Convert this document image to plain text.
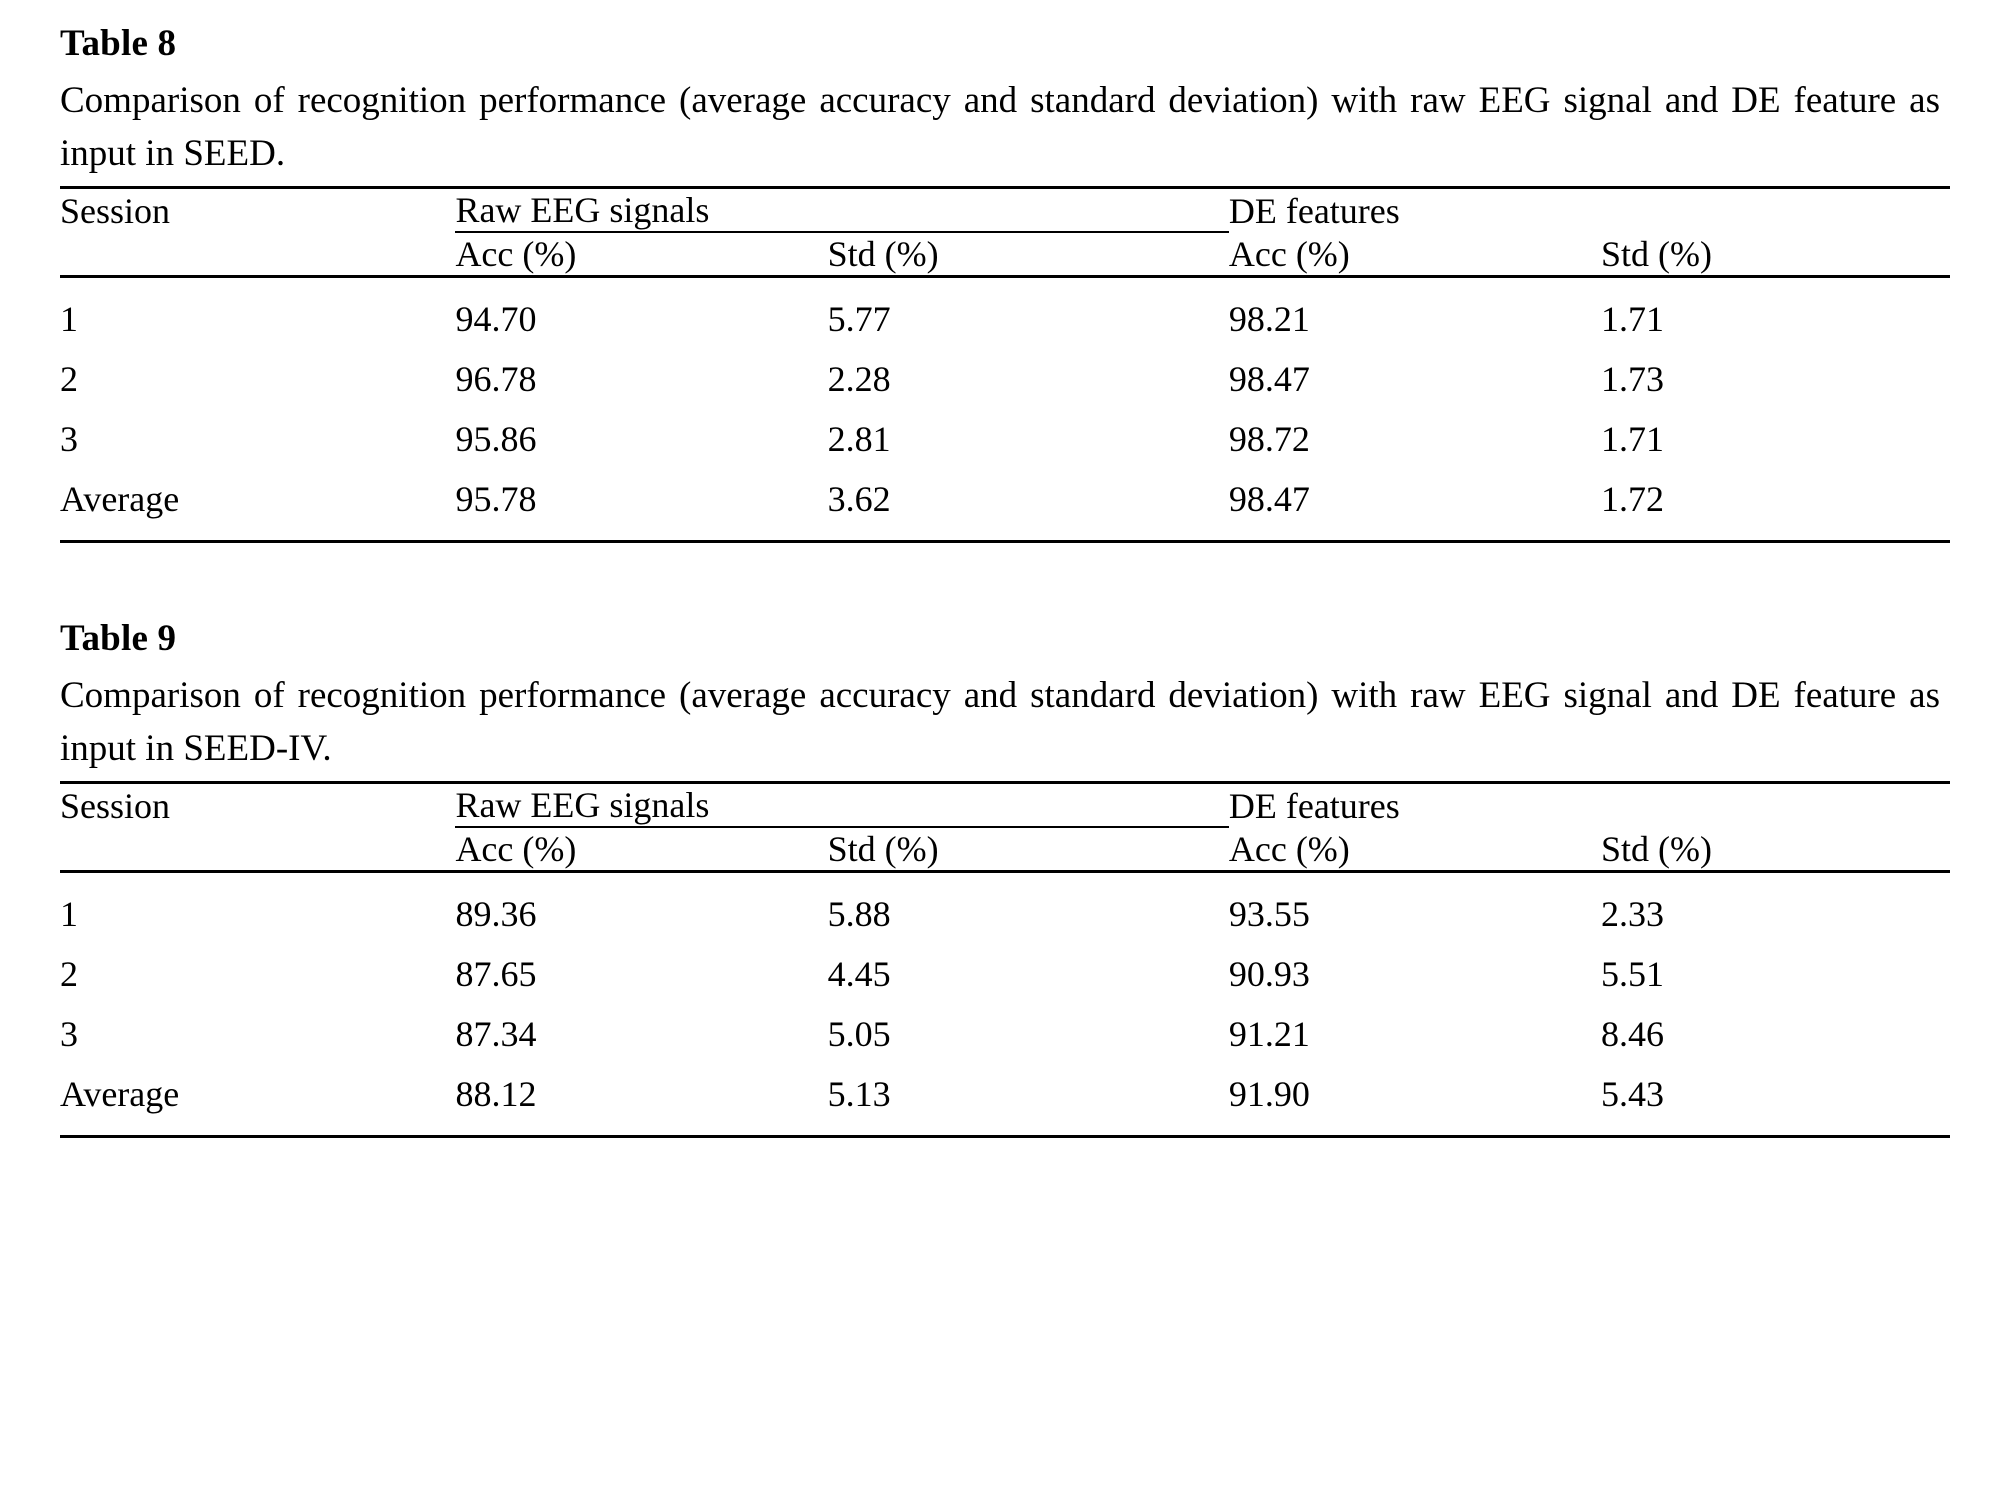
Table 8
Comparison of recognition performance (average accuracy and standard deviation) with raw EEG signal and DE feature as input in SEED.
Session	Raw EEG signals		DE features	
	Acc (%)	Std (%)	Acc (%)	Std (%)
1	94.70	5.77	98.21	1.71
2	96.78	2.28	98.47	1.73
3	95.86	2.81	98.72	1.71
Average	95.78	3.62	98.47	1.72
Table 9
Comparison of recognition performance (average accuracy and standard deviation) with raw EEG signal and DE feature as input in SEED-IV.
Session	Raw EEG signals		DE features	
	Acc (%)	Std (%)	Acc (%)	Std (%)
1	89.36	5.88	93.55	2.33
2	87.65	4.45	90.93	5.51
3	87.34	5.05	91.21	8.46
Average	88.12	5.13	91.90	5.43
